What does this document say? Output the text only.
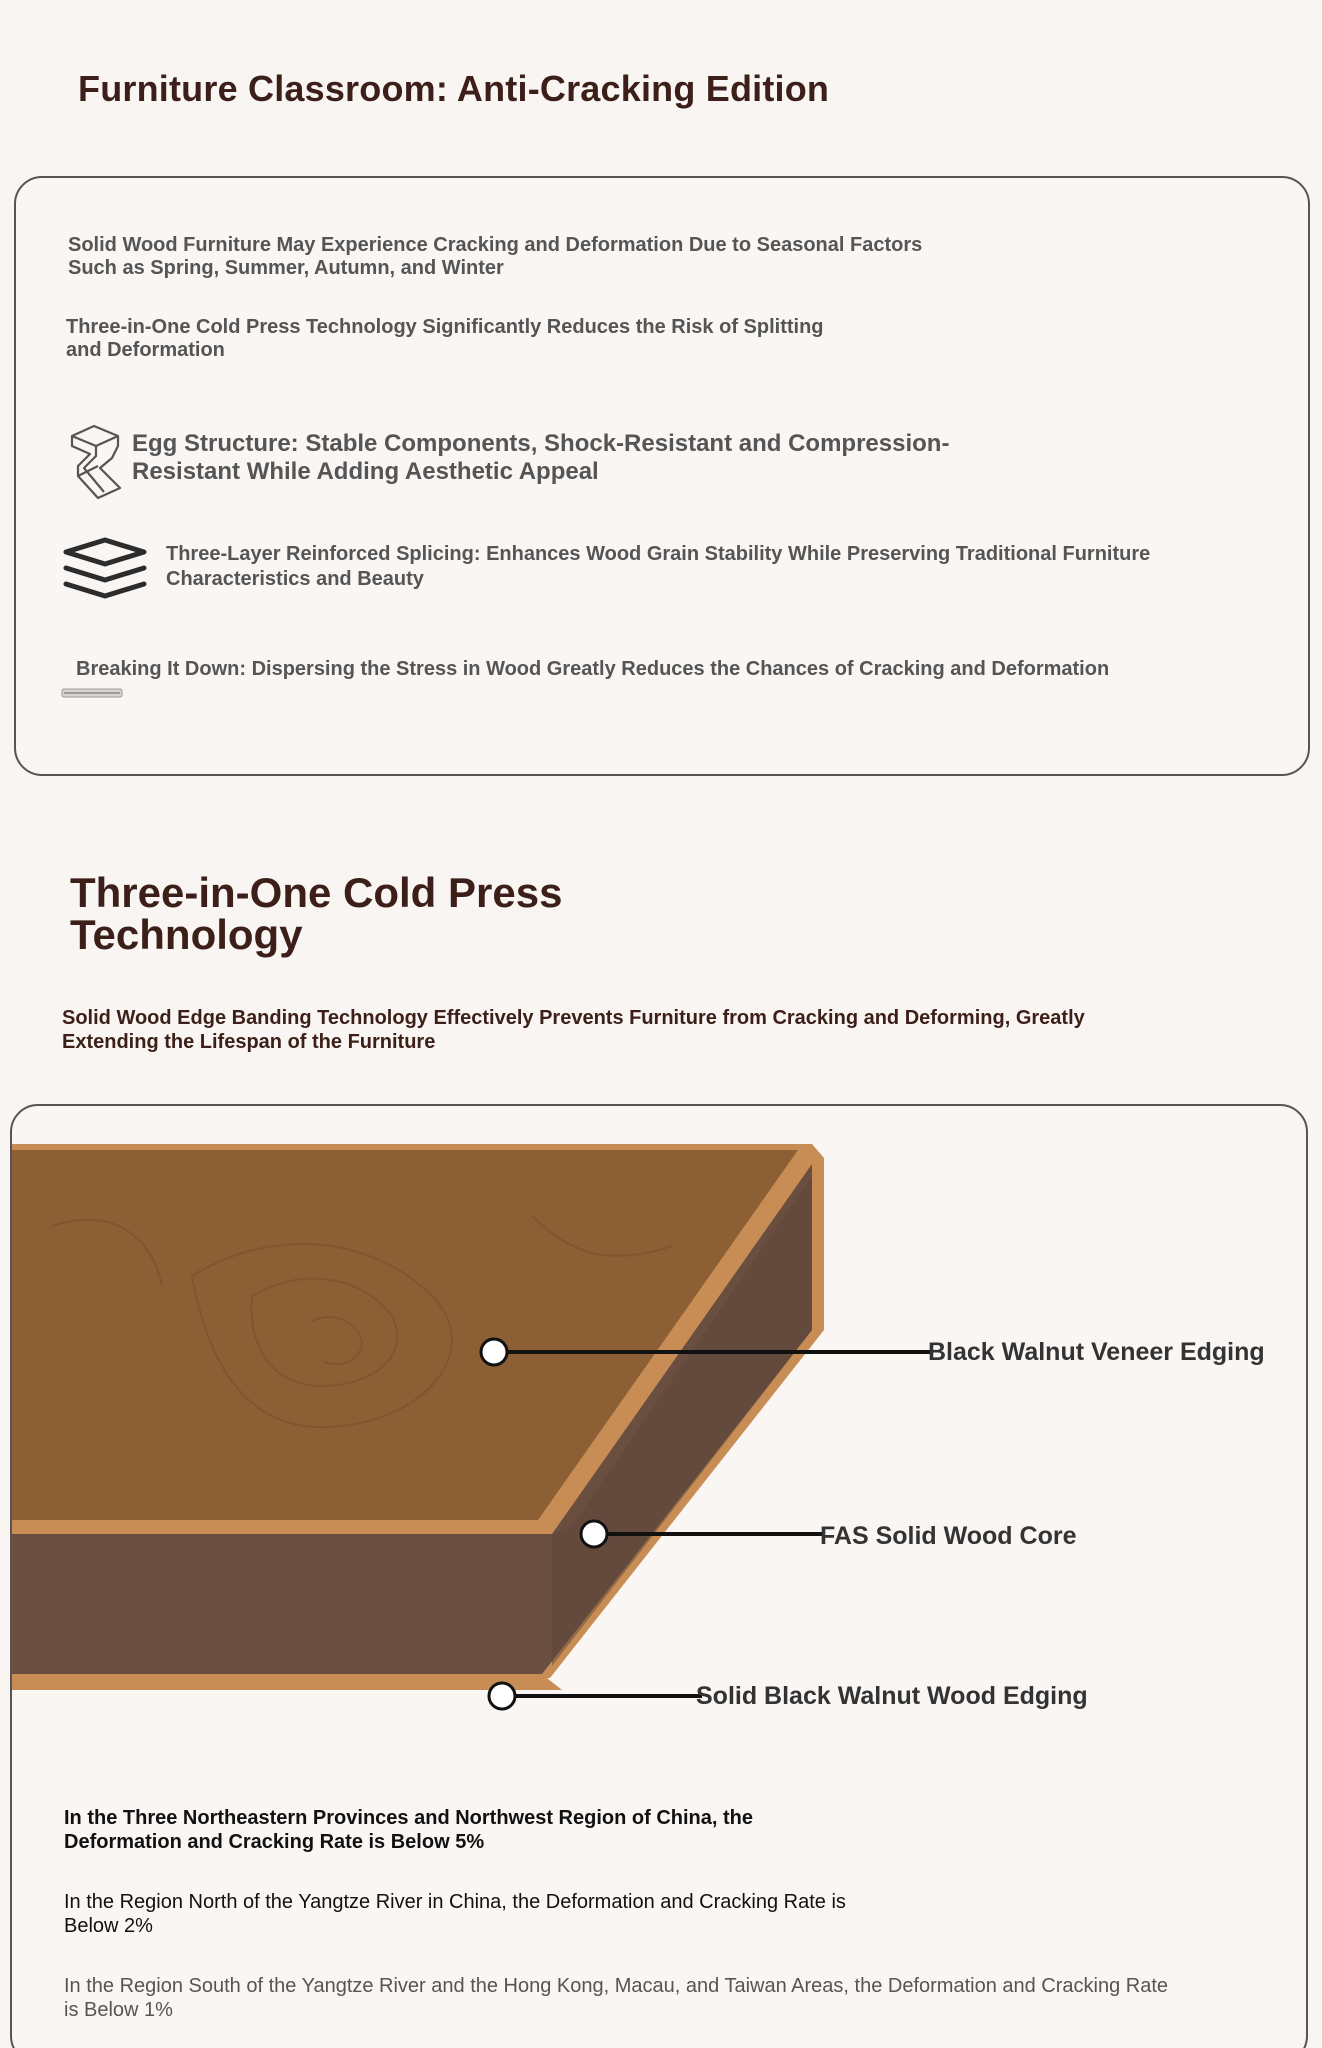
Furniture Classroom: Anti-Cracking Edition
Solid Wood Furniture May Experience Cracking and Deformation Due to Seasonal Factors Such as Spring, Summer, Autumn, and Winter
Three-in-One Cold Press Technology Significantly Reduces the Risk of Splitting and Deformation
Egg Structure: Stable Components, Shock-Resistant and Compression-Resistant While Adding Aesthetic Appeal
Three-Layer Reinforced Splicing: Enhances Wood Grain Stability While Preserving Traditional Furniture Characteristics and Beauty
Breaking It Down: Dispersing the Stress in Wood Greatly Reduces the Chances of Cracking and Deformation
Three-in-One Cold Press Technology
Solid Wood Edge Banding Technology Effectively Prevents Furniture from Cracking and Deforming, Greatly Extending the Lifespan of the Furniture
Black Walnut Veneer Edging
FAS Solid Wood Core
Solid Black Walnut Wood Edging
In the Three Northeastern Provinces and Northwest Region of China, the Deformation and Cracking Rate is Below 5%
In the Region North of the Yangtze River in China, the Deformation and Cracking Rate is Below 2%
In the Region South of the Yangtze River and the Hong Kong, Macau, and Taiwan Areas, the Deformation and Cracking Rate is Below 1%
